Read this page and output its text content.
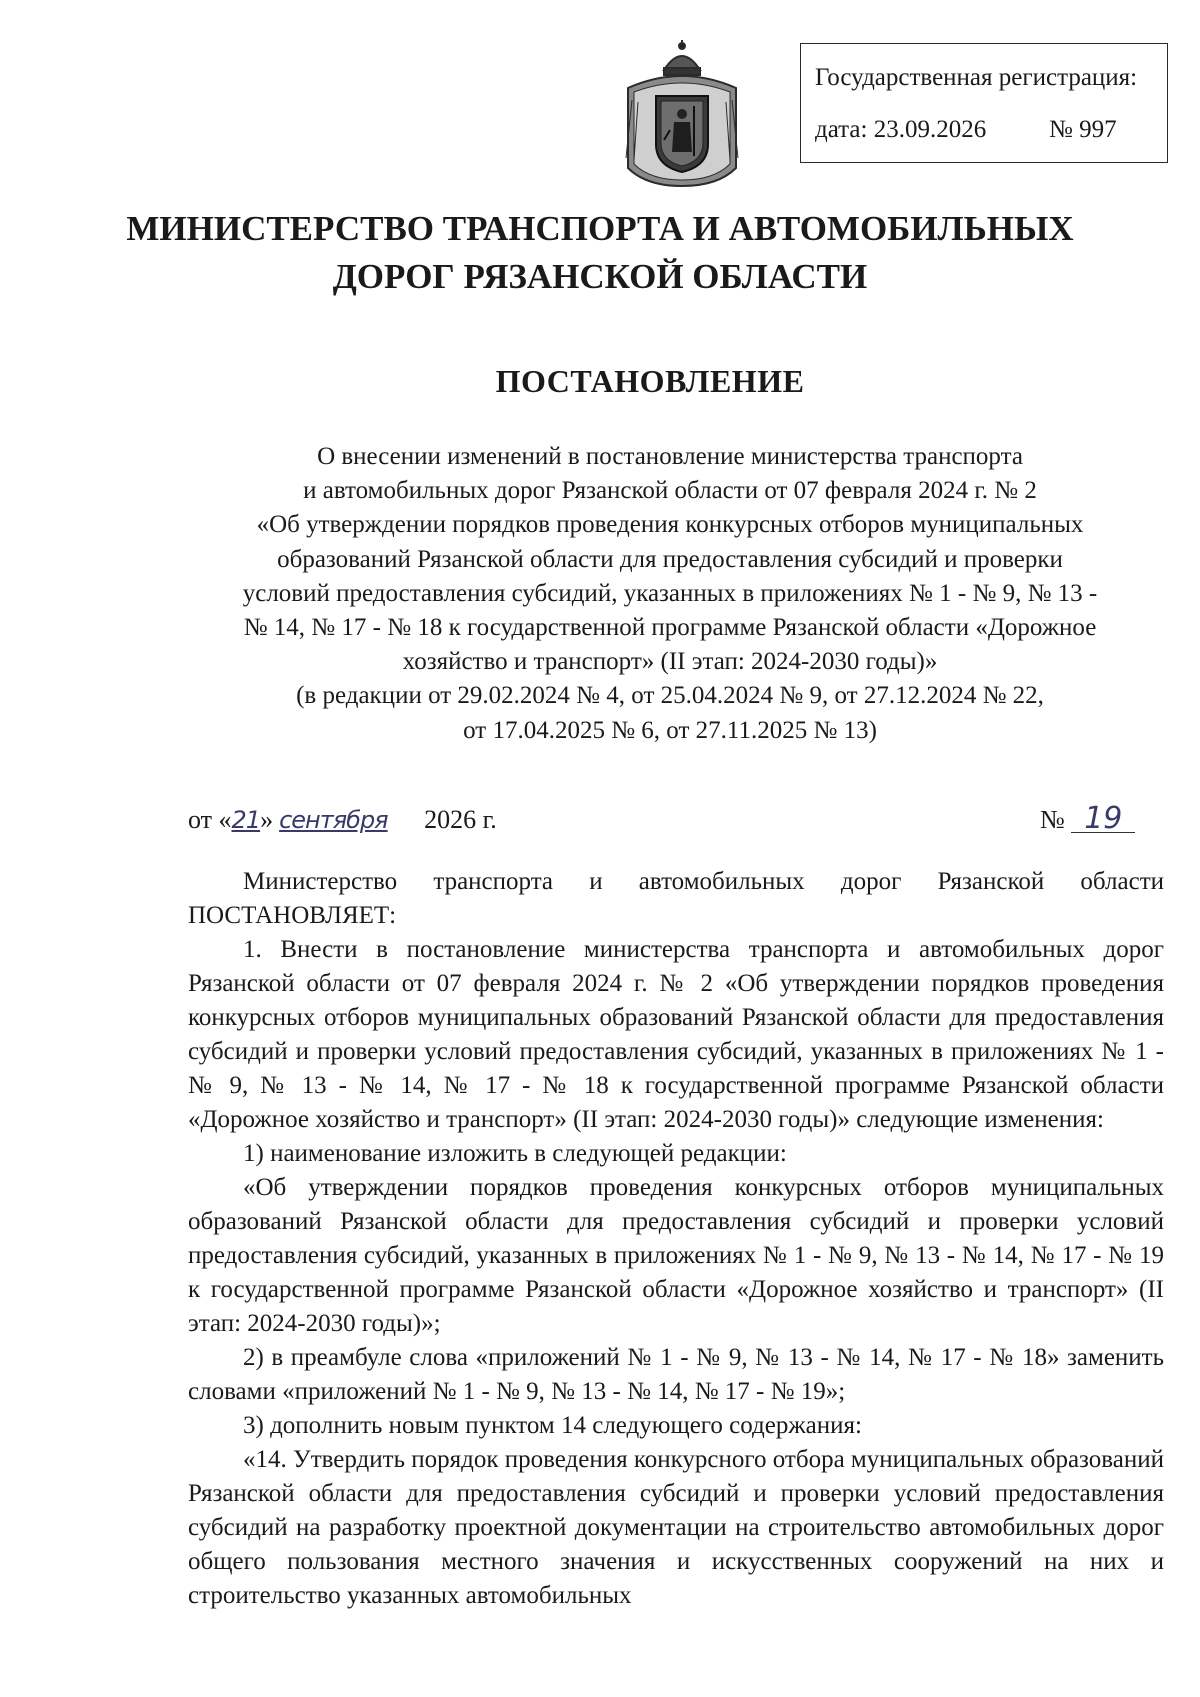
Государственная регистрация:
дата: 23.09.2026	№ 997
МИНИСТЕРСТВО ТРАНСПОРТА И АВТОМОБИЛЬНЫХ
ДОРОГ РЯЗАНСКОЙ ОБЛАСТИ
ПОСТАНОВЛЕНИЕ
О внесении изменений в постановление министерства транспорта
и автомобильных дорог Рязанской области от 07 февраля 2024 г. № 2
«Об утверждении порядков проведения конкурсных отборов муниципальных
образований Рязанской области для предоставления субсидий и проверки
условий предоставления субсидий, указанных в приложениях № 1 - № 9, № 13 -
№ 14, № 17 - № 18 к государственной программе Рязанской области «Дорожное
хозяйство и транспорт» (II этап: 2024-2030 годы)»
(в редакции от 29.02.2024 № 4, от 25.04.2024 № 9, от 27.12.2024 № 22,
от 17.04.2025 № 6, от 27.11.2025 № 13)
от «21» сентября 2026 г.	№ 19

Министерство транспорта и автомобильных дорог Рязанской области ПОСТАНОВЛЯЕТ:

1. Внести в постановление министерства транспорта и автомобильных дорог Рязанской области от 07 февраля 2024 г. № 2 «Об утверждении порядков проведения конкурсных отборов муниципальных образований Рязанской области для предоставления субсидий и проверки условий предоставления субсидий, указанных в приложениях № 1 - № 9, № 13 - № 14, № 17 - № 18 к государственной программе Рязанской области «Дорожное хозяйство и транспорт» (II этап: 2024-2030 годы)» следующие изменения:

1) наименование изложить в следующей редакции:

«Об утверждении порядков проведения конкурсных отборов муниципальных образований Рязанской области для предоставления субсидий и проверки условий предоставления субсидий, указанных в приложениях № 1 - № 9, № 13 - № 14, № 17 - № 19 к государственной программе Рязанской области «Дорожное хозяйство и транспорт» (II этап: 2024-2030 годы)»;

2) в преамбуле слова «приложений № 1 - № 9, № 13 - № 14, № 17 - № 18» заменить словами «приложений № 1 - № 9, № 13 - № 14, № 17 - № 19»;

3) дополнить новым пунктом 14 следующего содержания:

«14. Утвердить порядок проведения конкурсного отбора муниципальных образований Рязанской области для предоставления субсидий и проверки условий предоставления субсидий на разработку проектной документации на строительство автомобильных дорог общего пользования местного значения и искусственных сооружений на них и строительство указанных автомобильных
